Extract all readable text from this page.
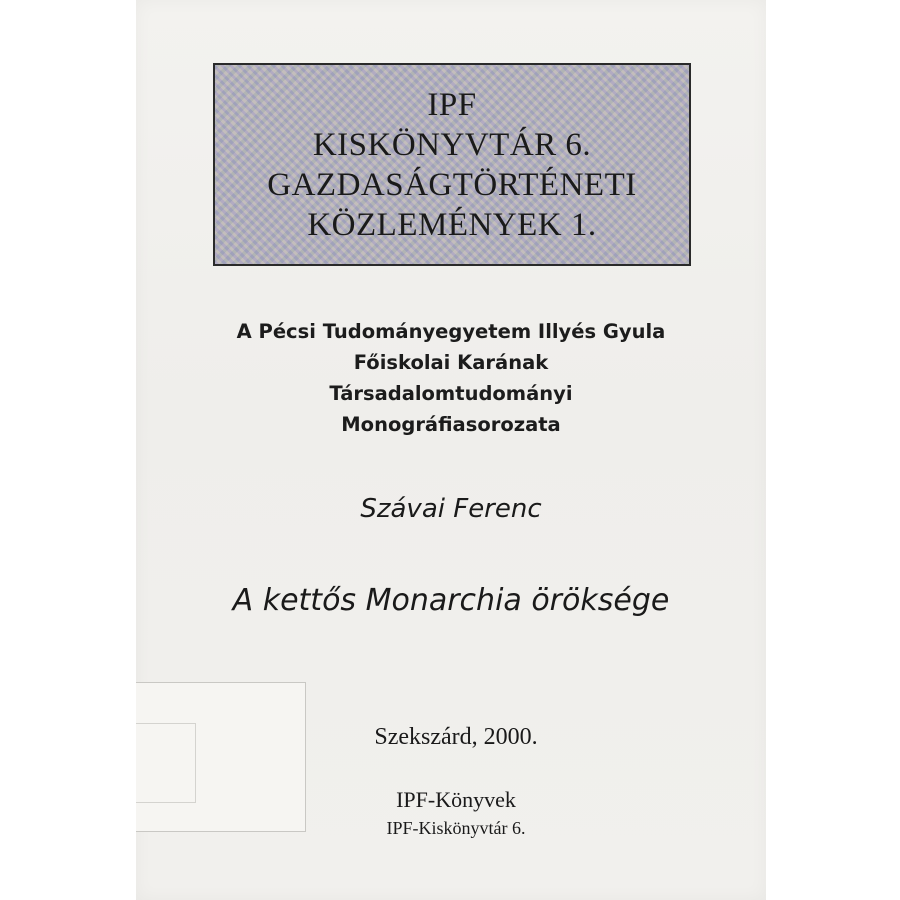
IPF
KISKÖNYVTÁR 6.
GAZDASÁGTÖRTÉNETI
KÖZLEMÉNYEK 1.
A Pécsi Tudományegyetem Illyés Gyula
Főiskolai Karának
Társadalomtudományi
Monográfiasorozata
Szávai Ferenc
A kettős Monarchia öröksége
Szekszárd, 2000.
IPF-Könyvek
IPF-Kiskönyvtár 6.
